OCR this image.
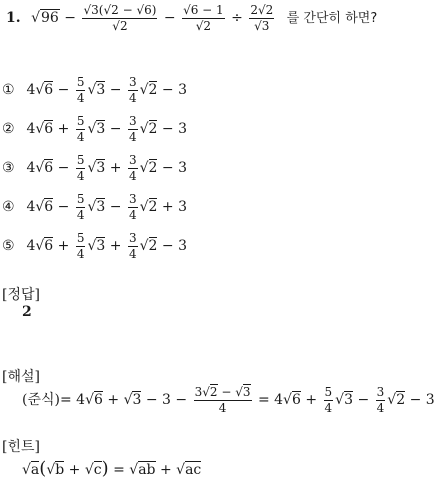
1. $√96 - \frac{√3(√2 - √6)}{√2} - \frac{√6 - 1}{√2} \div \frac{2√2}{√3}$ 를 간단히 하면?
① $4√6 - \frac{5}{4} √3 - \frac{3}{4} √2 - 3$
② $4√6 + \frac{5}{4} √3 - \frac{3}{4} √2 - 3$
③ $4√6 - \frac{5}{4} √3 + \frac{3}{4} √2 - 3$
④ $4√6 - \frac{5}{4} √3 - \frac{3}{4} √2 + 3$
⑤ $4√6 + \frac{5}{4} √3 + \frac{3}{4} √2 - 3$
[정답]
2
[해설]
(준식)= $4√6 + √3 - 3 - \frac{3√2 - √3}{4} = 4√6 + \frac{5}{4} √3 - \frac{3}{4} √2 - 3$
[힌트]
√a(√b + √c) = √ab + √ac
